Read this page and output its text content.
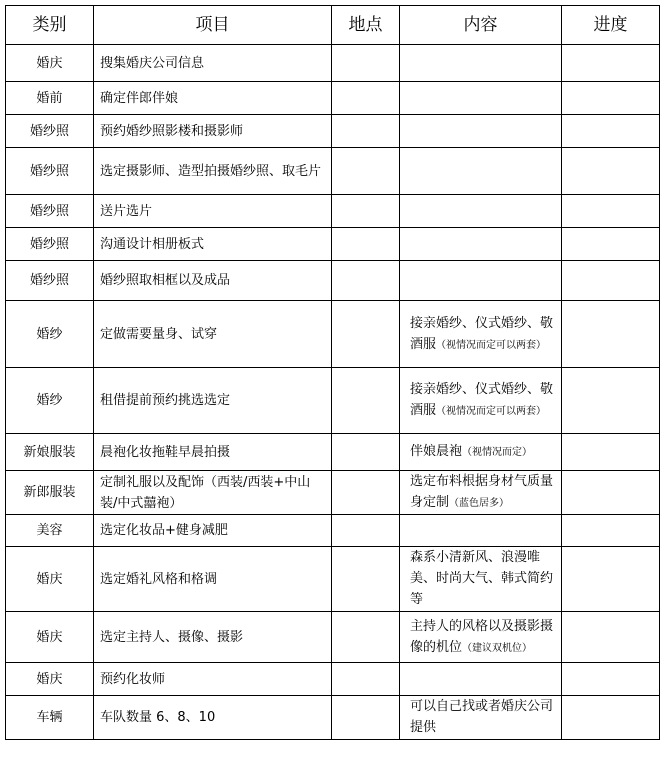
类别	项目	地点	内容	进度
婚庆	搜集婚庆公司信息			
婚前	确定伴郎伴娘			
婚纱照	预约婚纱照影楼和摄影师			
婚纱照	选定摄影师、造型拍摄婚纱照、取毛片			
婚纱照	送片选片			
婚纱照	沟通设计相册板式			
婚纱照	婚纱照取相框以及成品			
婚纱	定做需要量身、试穿		接亲婚纱、仪式婚纱、敬酒服（视情况而定可以两套）	
婚纱	租借提前预约挑选选定		接亲婚纱、仪式婚纱、敬酒服（视情况而定可以两套）	
新娘服装	晨袍化妆拖鞋早晨拍摄		伴娘晨袍（视情况而定）	
新郎服装	定制礼服以及配饰（西装/西装+中山装/中式囍袍）		选定布料根据身材气质量身定制（蓝色居多）	
美容	选定化妆品+健身减肥			
婚庆	选定婚礼风格和格调		森系小清新风、浪漫唯美、时尚大气、韩式简约等	
婚庆	选定主持人、摄像、摄影		主持人的风格以及摄影摄像的机位（建议双机位）	
婚庆	预约化妆师			
车辆	车队数量 6、8、10		可以自己找或者婚庆公司提供	
